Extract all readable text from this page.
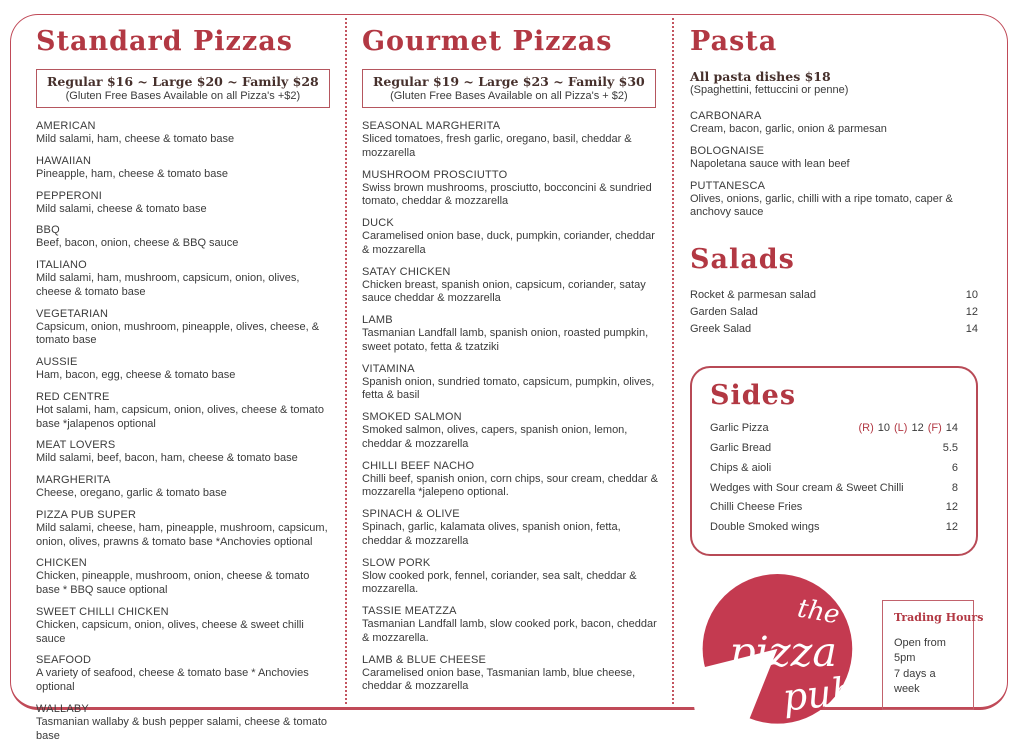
Standard Pizzas
Regular $16 ~ Large $20 ~ Family $28
(Gluten Free Bases Available on all Pizza's +$2)
AMERICAN
Mild salami, ham, cheese & tomato base
HAWAIIAN
Pineapple, ham, cheese & tomato base
PEPPERONI
Mild salami, cheese & tomato base
BBQ
Beef, bacon, onion, cheese & BBQ sauce
ITALIANO
Mild salami, ham, mushroom, capsicum, onion, olives, cheese & tomato base
VEGETARIAN
Capsicum, onion, mushroom, pineapple, olives, cheese, & tomato base
AUSSIE
Ham, bacon, egg, cheese & tomato base
RED CENTRE
Hot salami, ham, capsicum, onion, olives, cheese & tomato base *jalapenos optional
MEAT LOVERS
Mild salami, beef, bacon, ham, cheese & tomato base
MARGHERITA
Cheese, oregano, garlic & tomato base
PIZZA PUB SUPER
Mild salami, cheese, ham, pineapple, mushroom, capsicum, onion, olives, prawns & tomato base *Anchovies optional
CHICKEN
Chicken, pineapple, mushroom, onion, cheese & tomato base * BBQ sauce optional
SWEET CHILLI CHICKEN
Chicken, capsicum, onion, olives, cheese & sweet chilli sauce
SEAFOOD
A variety of seafood, cheese & tomato base * Anchovies optional
WALLABY
Tasmanian wallaby & bush pepper salami, cheese & tomato base
Gourmet Pizzas
Regular $19 ~ Large $23 ~ Family $30
(Gluten Free Bases Available on all Pizza's + $2)
SEASONAL MARGHERITA
Sliced tomatoes, fresh garlic, oregano, basil, cheddar & mozzarella
MUSHROOM PROSCIUTTO
Swiss brown mushrooms, prosciutto, bocconcini & sundried tomato, cheddar & mozzarella
DUCK
Caramelised onion base, duck, pumpkin, coriander, cheddar & mozzarella
SATAY CHICKEN
Chicken breast, spanish onion, capsicum, coriander, satay sauce cheddar & mozzarella
LAMB
Tasmanian Landfall lamb, spanish onion, roasted pumpkin, sweet potato, fetta & tzatziki
VITAMINA
Spanish onion, sundried tomato, capsicum, pumpkin, olives, fetta & basil
SMOKED SALMON
Smoked salmon, olives, capers, spanish onion, lemon, cheddar & mozzarella
CHILLI BEEF NACHO
Chilli beef, spanish onion, corn chips, sour cream, cheddar & mozzarella *jalepeno optional.
SPINACH & OLIVE
Spinach, garlic, kalamata olives, spanish onion, fetta, cheddar & mozzarella
SLOW PORK
Slow cooked pork, fennel, coriander, sea salt, cheddar & mozzarella.
TASSIE MEATZZA
Tasmanian Landfall lamb, slow cooked pork, bacon, cheddar & mozzarella.
LAMB & BLUE CHEESE
Caramelised onion base, Tasmanian lamb, blue cheese, cheddar & mozzarella
Pasta
All pasta dishes $18
(Spaghettini, fettuccini or penne)
CARBONARA
Cream, bacon, garlic, onion & parmesan
BOLOGNAISE
Napoletana sauce with lean beef
PUTTANESCA
Olives, onions, garlic, chilli with a ripe tomato, caper & anchovy sauce
Salads
Rocket & parmesan salad	10
Garden Salad	12
Greek Salad	14
Sides
Garlic Pizza	(R) 10 (L) 12 (F) 14
Garlic Bread	5.5
Chips & aioli	6
Wedges with Sour cream & Sweet Chilli	8
Chilli Cheese Fries	12
Double Smoked wings	12
the
pizza
pub
Trading Hours
Open from 5pm
7 days a week
